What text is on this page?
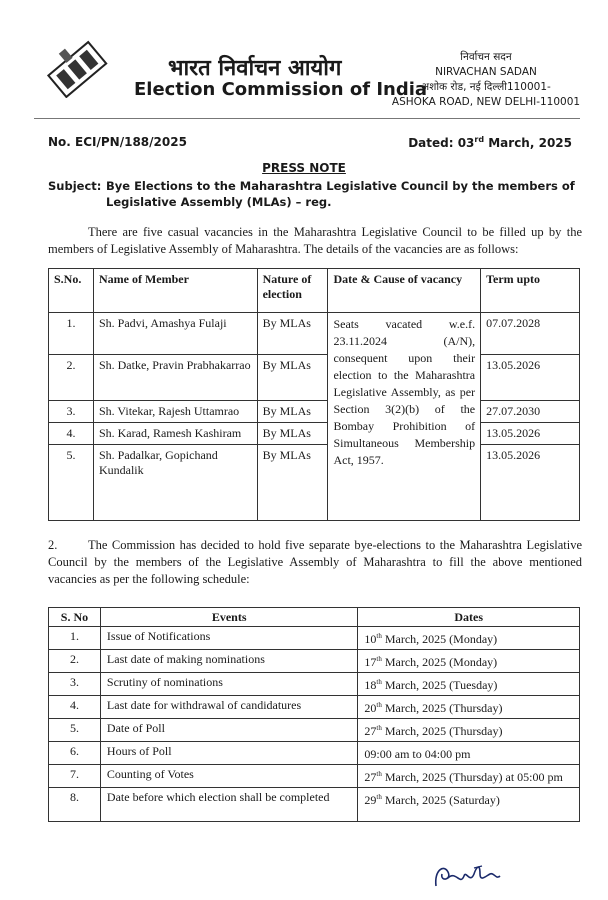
भारत निर्वाचन आयोग
Election Commission of India
निर्वाचन सदन
NIRVACHAN SADAN
अशोक रोड, नई दिल्ली110001-
ASHOKA ROAD, NEW DELHI-110001
No. ECI/PN/188/2025	Dated: 03rd March, 2025
PRESS NOTE
Subject: Bye Elections to the Maharashtra Legislative Council by the members of Legislative Assembly (MLAs) – reg.
There are five casual vacancies in the Maharashtra Legislative Council to be filled up by the members of Legislative Assembly of Maharashtra. The details of the vacancies are as follows:
S.No.	Name of Member	Nature of election	Date & Cause of vacancy	Term upto
1.	Sh. Padvi, Amashya Fulaji	By MLAs	Seats vacated w.e.f. 23.11.2024 (A/N), consequent upon their election to the Maharashtra Legislative Assembly, as per Section 3(2)(b) of the Bombay Prohibition of Simultaneous Membership Act, 1957.	07.07.2028
2.	Sh. Datke, Pravin Prabhakarrao	By MLAs		13.05.2026
3.	Sh. Vitekar, Rajesh Uttamrao	By MLAs		27.07.2030
4.	Sh. Karad, Ramesh Kashiram	By MLAs		13.05.2026
5.	Sh. Padalkar, Gopichand Kundalik	By MLAs		13.05.2026
2. The Commission has decided to hold five separate bye-elections to the Maharashtra Legislative Council by the members of the Legislative Assembly of Maharashtra to fill the above mentioned vacancies as per the following schedule:
S. No	Events	Dates
1.	Issue of Notifications	10th March, 2025 (Monday)
2.	Last date of making nominations	17th March, 2025 (Monday)
3.	Scrutiny of nominations	18th March, 2025 (Tuesday)
4.	Last date for withdrawal of candidatures	20th March, 2025 (Thursday)
5.	Date of Poll	27th March, 2025 (Thursday)
6.	Hours of Poll	09:00 am to 04:00 pm
7.	Counting of Votes	27th March, 2025 (Thursday) at 05:00 pm
8.	Date before which election shall be completed	29th March, 2025 (Saturday)
